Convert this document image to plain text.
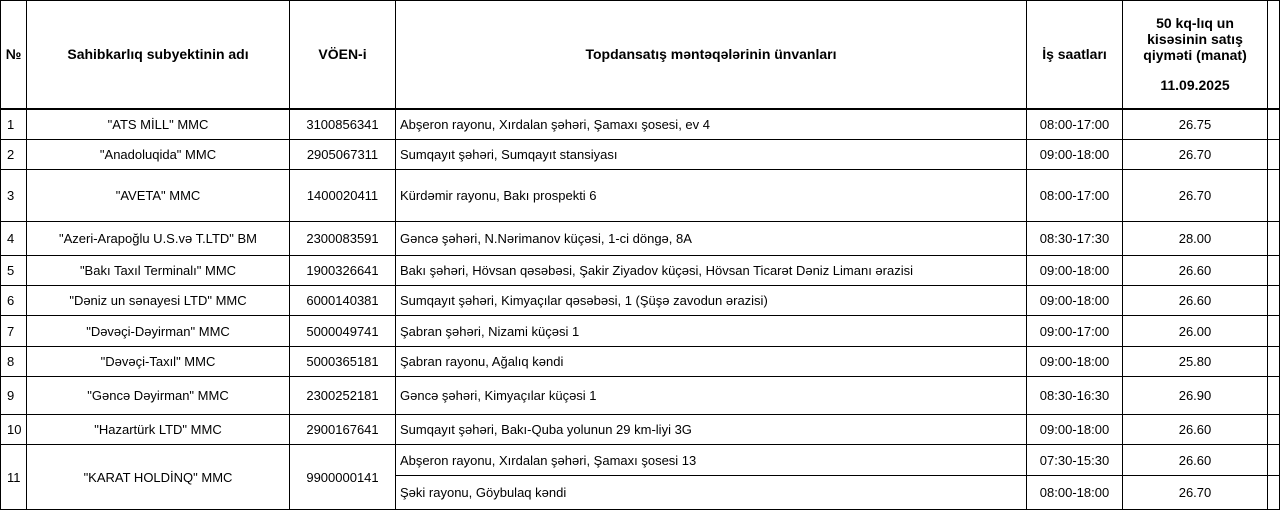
№	Sahibkarlıq subyektinin adı	VÖEN-i	Topdansatış məntəqələrinin ünvanları	İş saatları	50 kq-lıq un
kisəsinin satış
qiyməti (manat)
11.09.2025	

1	"ATS MİLL" MMC	3100856341	Abşeron rayonu, Xırdalan şəhəri, Şamaxı şosesi, ev 4	08:00-17:00	26.75	
2	"Anadoluqida" MMC	2905067311	Sumqayıt şəhəri, Sumqayıt stansiyası	09:00-18:00	26.70	
3	"AVETA" MMC	1400020411	Kürdəmir rayonu, Bakı prospekti 6	08:00-17:00	26.70	
4	"Azeri-Arapoğlu U.S.və T.LTD" BM	2300083591	Gəncə şəhəri, N.Nərimanov küçəsi, 1-ci döngə, 8A	08:30-17:30	28.00	
5	"Bakı Taxıl Terminalı" MMC	1900326641	Bakı şəhəri, Hövsan qəsəbəsi, Şakir Ziyadov küçəsi, Hövsan Ticarət Dəniz Limanı ərazisi	09:00-18:00	26.60	
6	"Dəniz un sənayesi LTD" MMC	6000140381	Sumqayıt şəhəri, Kimyaçılar qəsəbəsi, 1 (Şüşə zavodun ərazisi)	09:00-18:00	26.60	
7	"Dəvəçi-Dəyirman" MMC	5000049741	Şabran şəhəri, Nizami küçəsi 1	09:00-17:00	26.00	
8	"Dəvəçi-Taxıl" MMC	5000365181	Şabran rayonu, Ağalıq kəndi	09:00-18:00	25.80	
9	"Gəncə Dəyirman" MMC	2300252181	Gəncə şəhəri, Kimyaçılar küçəsi 1	08:30-16:30	26.90	
10	"Hazartürk LTD" MMC	2900167641	Sumqayıt şəhəri, Bakı-Quba yolunun 29 km-liyi 3G	09:00-18:00	26.60	
11	"KARAT HOLDİNQ" MMC	9900000141	Abşeron rayonu, Xırdalan şəhəri, Şamaxı şosesi 13	07:30-15:30	26.60	
			Şəki rayonu, Göybulaq kəndi	08:00-18:00	26.70	
